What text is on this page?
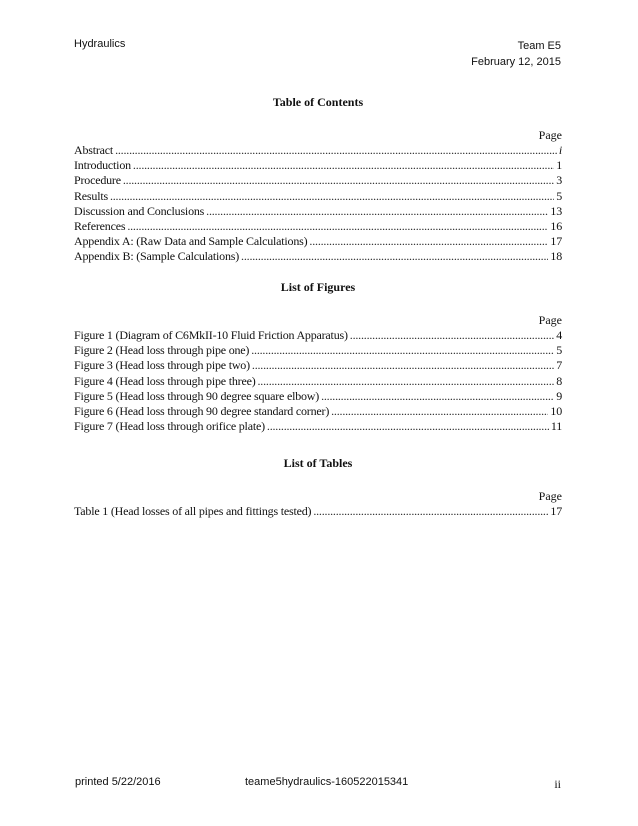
Hydraulics	Team E5
February 12, 2015
Table of Contents
Page
Abstract .....	i
Introduction .....	1
Procedure .....	3
Results .....	5
Discussion and Conclusions .....	13
References .....	16
Appendix A: (Raw Data and Sample Calculations) .....	17
Appendix B: (Sample Calculations) .....	18
List of Figures
Page
Figure 1 (Diagram of C6MkII-10 Fluid Friction Apparatus) .....	4
Figure 2 (Head loss through pipe one) .....	5
Figure 3 (Head loss through pipe two) .....	7
Figure 4 (Head loss through pipe three) .....	8
Figure 5 (Head loss through 90 degree square elbow) .....	9
Figure 6 (Head loss through 90 degree standard corner) .....	10
Figure 7 (Head loss through orifice plate) .....	11
List of Tables
Page
Table 1 (Head losses of all pipes and fittings tested) .....	17
printed 5/22/2016	teame5hydraulics-160522015341	ii
